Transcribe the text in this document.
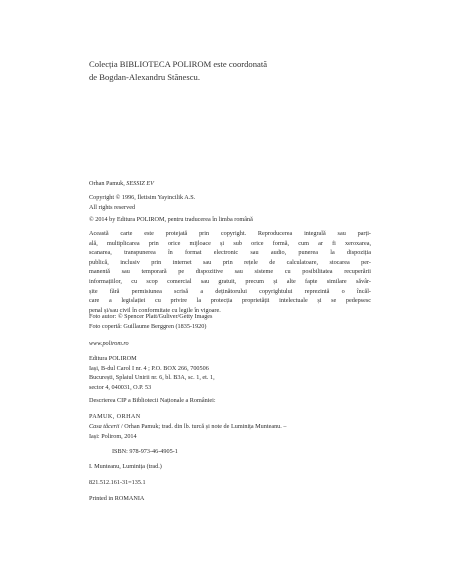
Colecția BIBLIOTECA POLIROM este coordonată
de Bogdan-Alexandru Stănescu.

Orhan Pamuk, SESSIZ EV

Copyright © 1996, İletisim Yayincilik A.S.
All rights reserved

© 2014 by Editura POLIROM, pentru traducerea în limba română

Această carte este protejată prin copyright. Reproducerea integrală sau parți-
ală, multiplicarea prin orice mijloace și sub orice formă, cum ar fi xeroxarea,
scanarea, transpunerea în format electronic sau audio, punerea la dispoziția
publică, inclusiv prin internet sau prin rețele de calculatoare, stocarea per-
manentă sau temporară pe dispozitive sau sisteme cu posibilitatea recuperării
informațiilor, cu scop comercial sau gratuit, precum și alte fapte similare săvâr-
șite fără permisiunea scrisă a deținătorului copyrightului reprezintă o încăl-
care a legislației cu privire la protecția proprietății intelectuale și se pedepsesc
penal și/sau civil în conformitate cu legile în vigoare.

Foto autor: © Spencer Platt/Guliver/Getty Images
Foto copertă: Guillaume Berggren (1835-1920)

www.polirom.ro

Editura POLIROM
Iași, B-dul Carol I nr. 4 ; P.O. BOX 266, 700506
București, Splaiul Unirii nr. 6, bl. B3A, sc. 1, et. 1,
sector 4, 040031, O.P. 53

Descrierea CIP a Bibliotecii Naționale a României:

PAMUK, ORHAN

Casa tăcerii / Orhan Pamuk; trad. din lb. turcă și note de Luminița Munteanu. –
Iași: Polirom, 2014

ISBN: 978-973-46-4905-1

I. Munteanu, Luminița (trad.)

821.512.161-31=135.1

Printed in ROMANIA
